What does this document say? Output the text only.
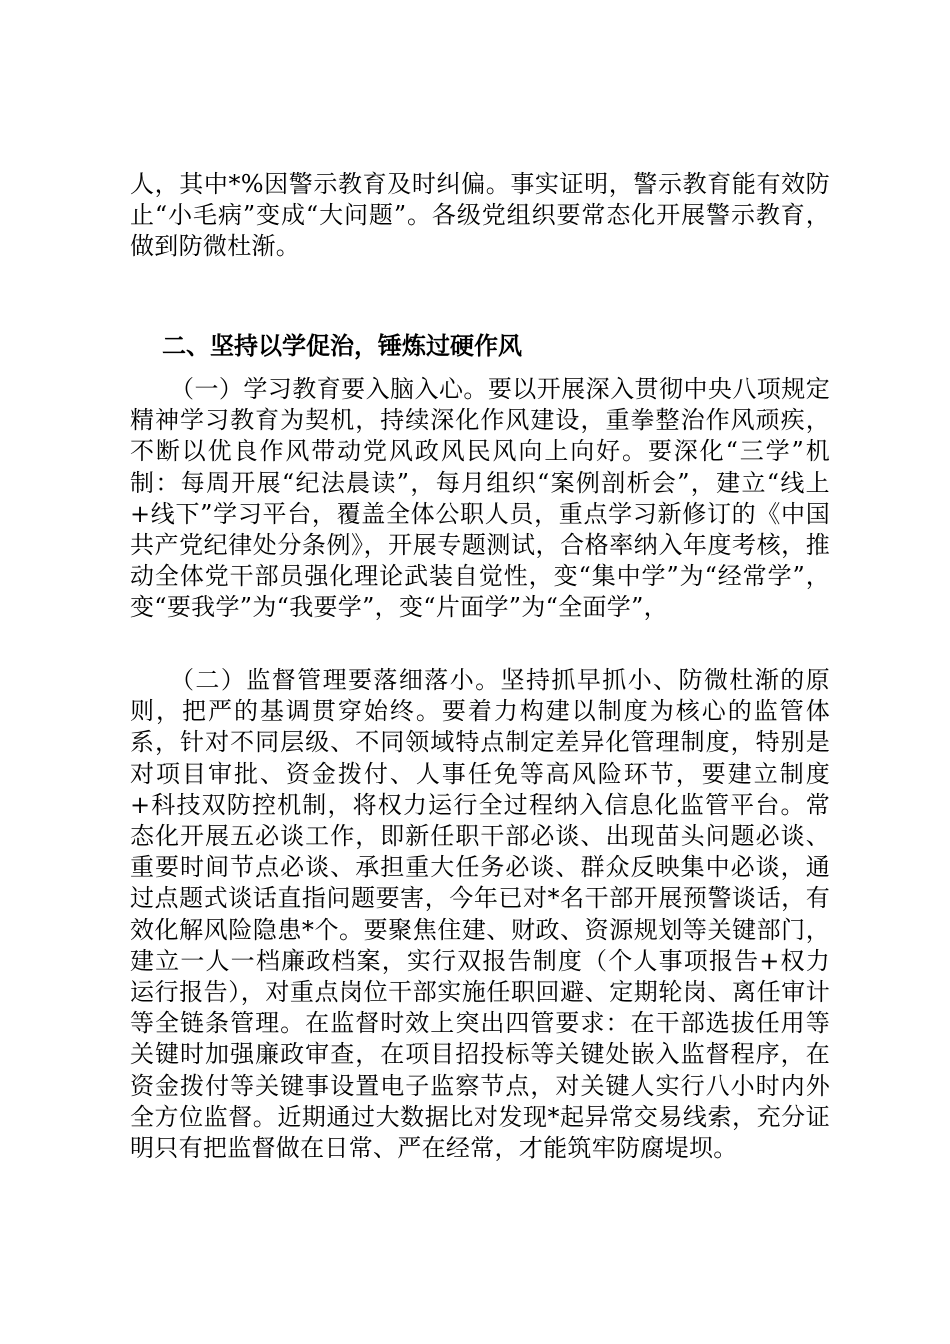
人，其中*%因警示教育及时纠偏。事实证明，警示教育能有效防止“小毛病”变成“大问题”。各级党组织要常态化开展警示教育，做到防微杜渐。

二、坚持以学促治，锤炼过硬作风

（一）学习教育要入脑入心。要以开展深入贯彻中央八项规定精神学习教育为契机，持续深化作风建设，重拳整治作风顽疾，不断以优良作风带动党风政风民风向上向好。要深化“三学”机制：每周开展“纪法晨读”，每月组织“案例剖析会”，建立“线上+线下”学习平台，覆盖全体公职人员，重点学习新修订的《中国共产党纪律处分条例》，开展专题测试，合格率纳入年度考核，推动全体党干部员强化理论武装自觉性，变“集中学”为“经常学”，变“要我学”为“我要学”，变“片面学”为“全面学”，

（二）监督管理要落细落小。坚持抓早抓小、防微杜渐的原则，把严的基调贯穿始终。要着力构建以制度为核心的监管体系，针对不同层级、不同领域特点制定差异化管理制度，特别是对项目审批、资金拨付、人事任免等高风险环节，要建立制度+科技双防控机制，将权力运行全过程纳入信息化监管平台。常态化开展五必谈工作，即新任职干部必谈、出现苗头问题必谈、重要时间节点必谈、承担重大任务必谈、群众反映集中必谈，通过点题式谈话直指问题要害，今年已对*名干部开展预警谈话，有效化解风险隐患*个。要聚焦住建、财政、资源规划等关键部门，建立一人一档廉政档案，实行双报告制度（个人事项报告+权力运行报告），对重点岗位干部实施任职回避、定期轮岗、离任审计等全链条管理。在监督时效上突出四管要求：在干部选拔任用等关键时加强廉政审查，在项目招投标等关键处嵌入监督程序，在资金拨付等关键事设置电子监察节点，对关键人实行八小时内外全方位监督。近期通过大数据比对发现*起异常交易线索，充分证明只有把监督做在日常、严在经常，才能筑牢防腐堤坝。
